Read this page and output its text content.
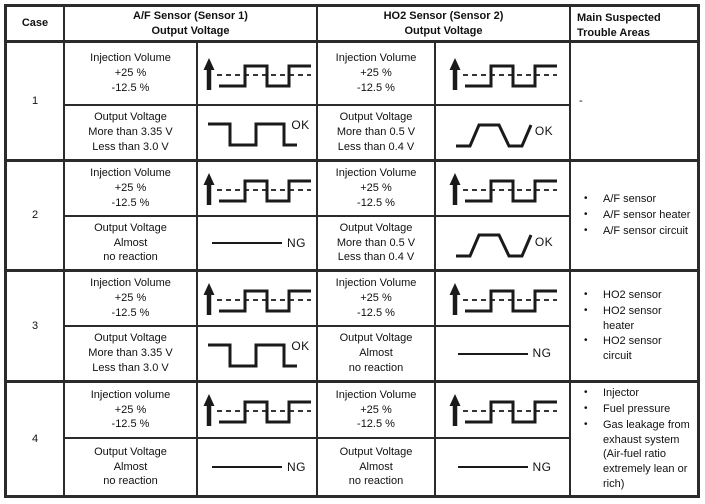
Case
A/F Sensor (Sensor 1)
Output Voltage
HO2 Sensor (Sensor 2)
Output Voltage
Main Suspected
Trouble Areas
1
Injection Volume
+25 %
-12.5 %
Injection Volume
+25 %
-12.5 %
-
Output Voltage
More than 3.35 V
Less than 3.0 V
OK
Output Voltage
More than 0.5 V
Less than 0.4 V
OK
2
Injection Volume
+25 %
-12.5 %
Injection Volume
+25 %
-12.5 %	• A/F sensor
• A/F sensor heater
• A/F sensor circuit
Output Voltage
Almost
no reaction
NG
Output Voltage
More than 0.5 V
Less than 0.4 V
OK
3
Injection Volume
+25 %
-12.5 %
Injection Volume
+25 %
-12.5 %
• HO2 sensor
• HO2 sensor heater
• HO2 sensor circuit
Output Voltage
More than 3.35 V
Less than 3.0 V
OK
Output Voltage
Almost
no reaction
NG
4
Injection volume
+25 %
-12.5 %
Injection Volume
+25 %
-12.5 %
• Injector
• Fuel pressure
• Gas leakage from exhaust system (Air-fuel ratio extremely lean or rich)
Output Voltage
Almost
no reaction
NG
Output Voltage
Almost
no reaction
NG
